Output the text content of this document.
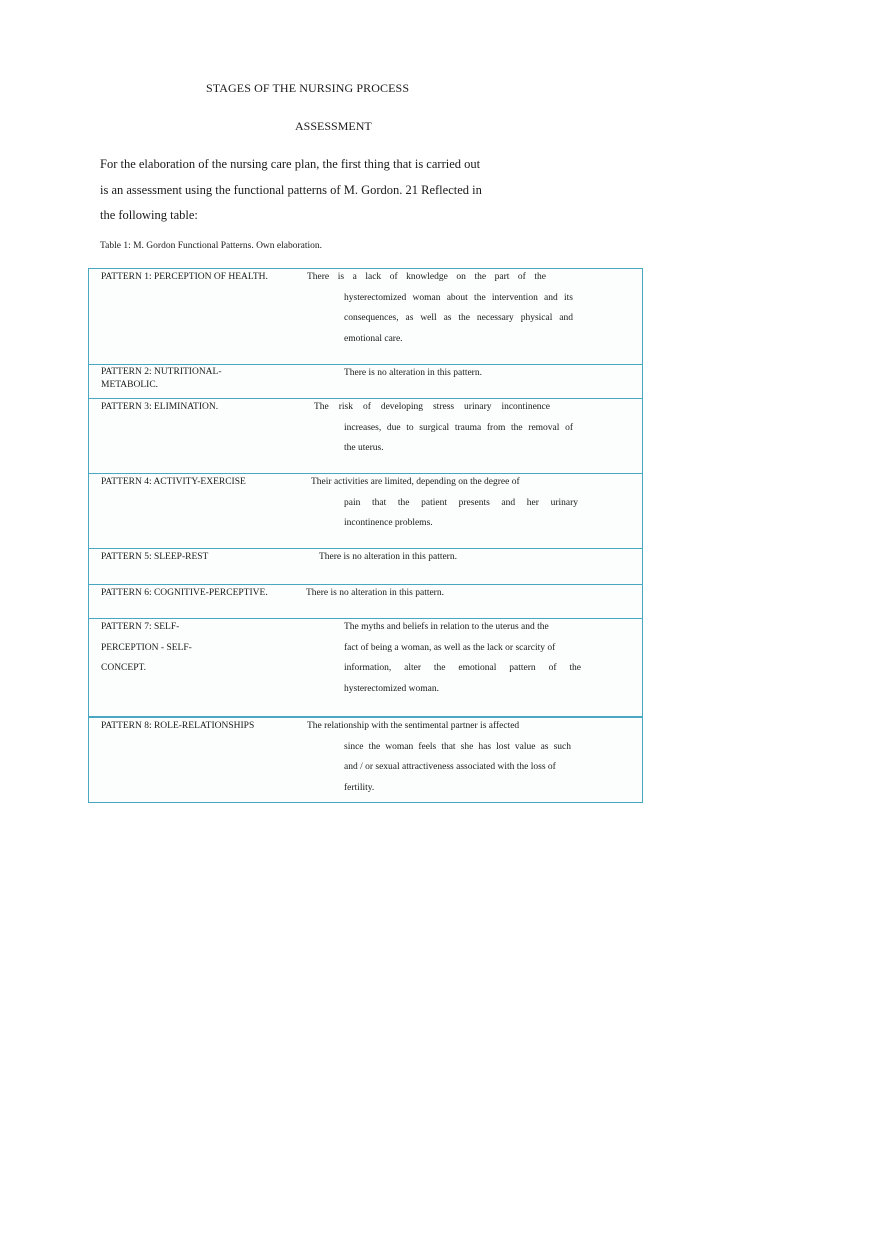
STAGES OF THE NURSING PROCESS
ASSESSMENT

For the elaboration of the nursing care plan, the first thing that is carried out

is an assessment using the functional patterns of M. Gordon. 21 Reflected in

the following table:

Table 1: M. Gordon Functional Patterns. Own elaboration.
PATTERN 1: PERCEPTION OF HEALTH.	There is a lack of knowledge on the part of the
hysterectomized woman about the intervention and its
consequences, as well as the necessary physical and
emotional care.
PATTERN 2: NUTRITIONAL-
METABOLIC.
There is no alteration in this pattern.
PATTERN 3: ELIMINATION.	The risk of developing stress urinary incontinence
increases, due to surgical trauma from the removal of
the uterus.
PATTERN 4: ACTIVITY-EXERCISE	Their activities are limited, depending on the degree of
pain that the patient presents and her urinary
incontinence problems.
PATTERN 5: SLEEP-REST	There is no alteration in this pattern.
PATTERN 6: COGNITIVE-PERCEPTIVE.	There is no alteration in this pattern.
PATTERN 7: SELF-
PERCEPTION - SELF-
CONCEPT.
The myths and beliefs in relation to the uterus and the
fact of being a woman, as well as the lack or scarcity of
information, alter the emotional pattern of the
hysterectomized woman.
PATTERN 8: ROLE-RELATIONSHIPS	The relationship with the sentimental partner is affected
since the woman feels that she has lost value as such
and / or sexual attractiveness associated with the loss of
fertility.
